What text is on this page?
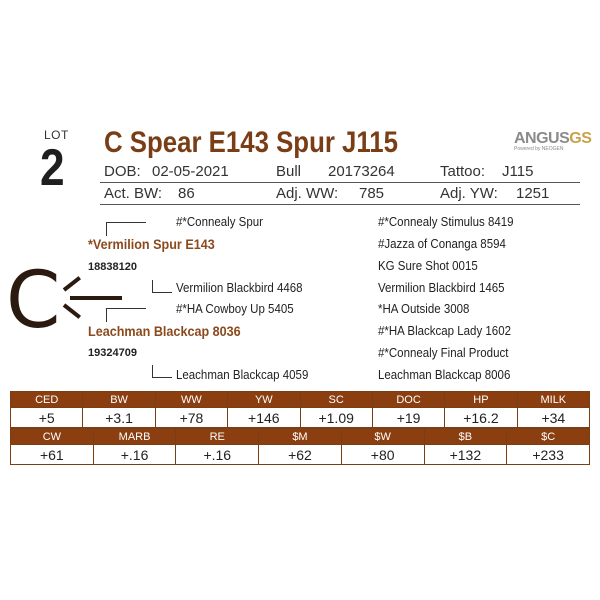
LOT
2 C Spear E143 Spur J115	ANGUSGS
Powered by NEOGEN
DOB: 02-05-2021	Bull 20173264	Tattoo: J115
Act. BW: 86	Adj. WW: 785	Adj. YW: 1251
#*Connealy Spur
*Vermilion Spur E143
18838120
Vermilion Blackbird 4468
#*HA Cowboy Up 5405
Leachman Blackcap 8036
19324709
Leachman Blackcap 4059
#*Connealy Stimulus 8419
#Jazza of Conanga 8594
KG Sure Shot 0015
Vermilion Blackbird 1465
*HA Outside 3008
#*HA Blackcap Lady 1602
#*Connealy Final Product
Leachman Blackcap 8006
C
CED	BW	WW	YW	SC	DOC	HP	MILK
+5	+3.1	+78	+146	+1.09	+19	+16.2	+34
CW	MARB	RE	$M	$W	$B	$C
+61	+.16	+.16	+62	+80	+132	+233
